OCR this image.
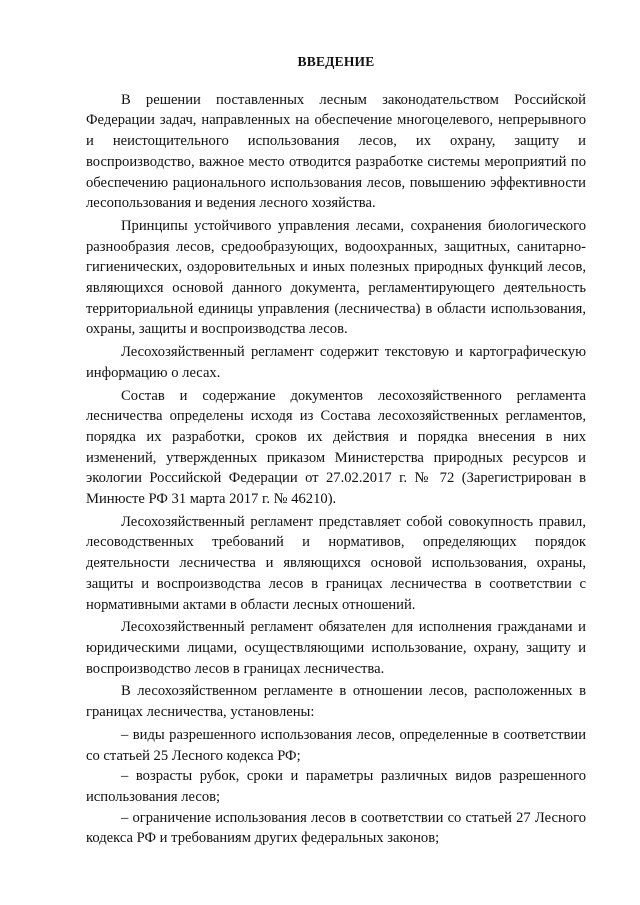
ВВЕДЕНИЕ

В решении поставленных лесным законодательством Российской Федерации задач, направленных на обеспечение многоцелевого, непрерывного и неистощительного использования лесов, их охрану, защиту и воспроизводство, важное место отводится разработке системы мероприятий по обеспечению рационального использования лесов, повышению эффективности лесопользования и ведения лесного хозяйства.

Принципы устойчивого управления лесами, сохранения биологического разнообразия лесов, средообразующих, водоохранных, защитных, санитарно-гигиенических, оздоровительных и иных полезных природных функций лесов, являющихся основой данного документа, регламентирующего деятельность территориальной единицы управления (лесничества) в области использования, охраны, защиты и воспроизводства лесов.

Лесохозяйственный регламент содержит текстовую и картографическую информацию о лесах.

Состав и содержание документов лесохозяйственного регламента лесничества определены исходя из Состава лесохозяйственных регламентов, порядка их разработки, сроков их действия и порядка внесения в них изменений, утвержденных приказом Министерства природных ресурсов и экологии Российской Федерации от 27.02.2017 г. № 72 (Зарегистрирован в Минюсте РФ 31 марта 2017 г. № 46210).

Лесохозяйственный регламент представляет собой совокупность правил, лесоводственных требований и нормативов, определяющих порядок деятельности лесничества и являющихся основой использования, охраны, защиты и воспроизводства лесов в границах лесничества в соответствии с нормативными актами в области лесных отношений.

Лесохозяйственный регламент обязателен для исполнения гражданами и юридическими лицами, осуществляющими использование, охрану, защиту и воспроизводство лесов в границах лесничества.

В лесохозяйственном регламенте в отношении лесов, расположенных в границах лесничества, установлены:

– виды разрешенного использования лесов, определенные в соответствии со статьей 25 Лесного кодекса РФ;

– возрасты рубок, сроки и параметры различных видов разрешенного использования лесов;

– ограничение использования лесов в соответствии со статьей 27 Лесного кодекса РФ и требованиям других федеральных законов;
